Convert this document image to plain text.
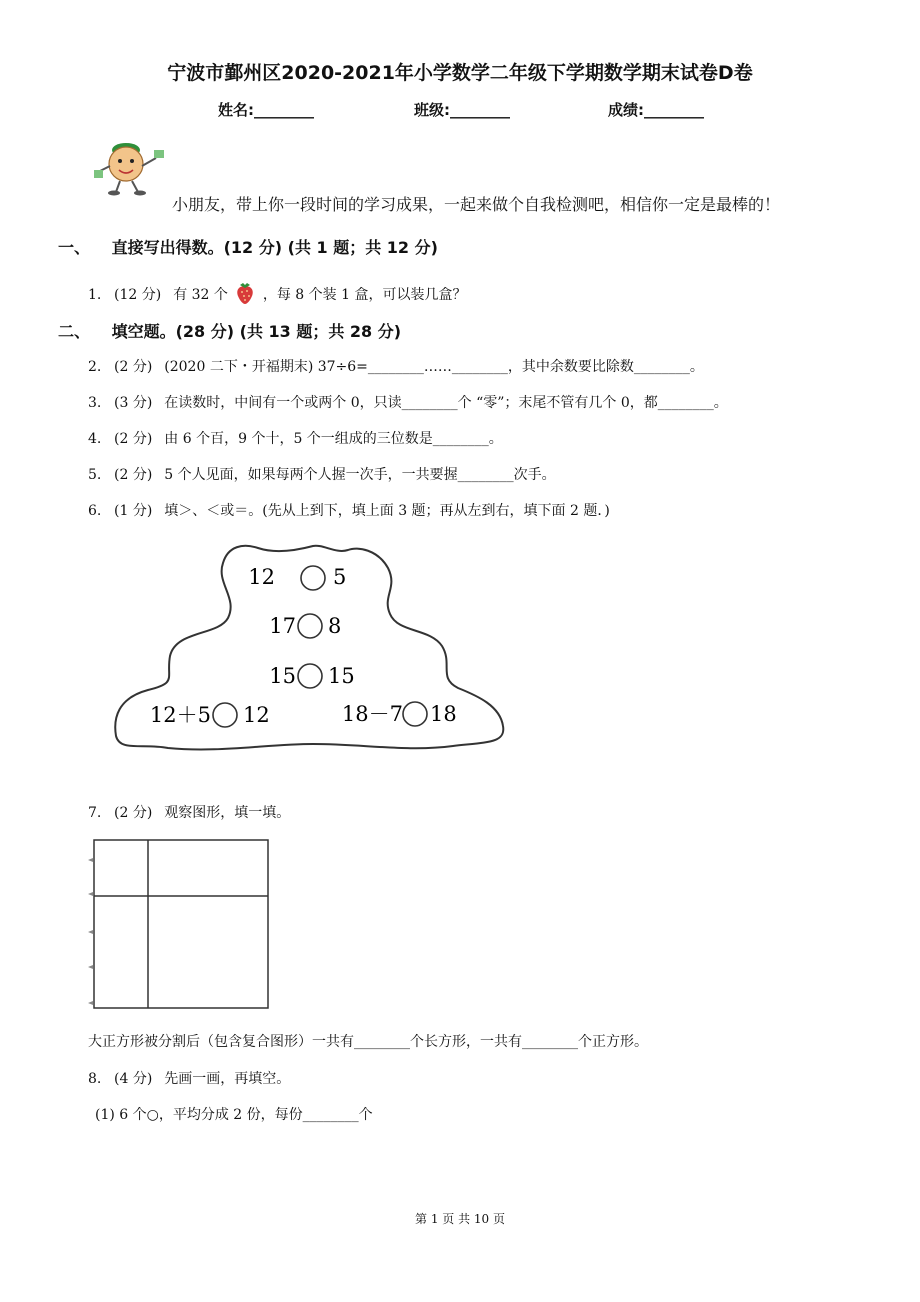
宁波市鄞州区2020-2021年小学数学二年级下学期数学期末试卷D卷
姓名:________	班级:________	成绩:________
小朋友，带上你一段时间的学习成果，一起来做个自我检测吧，相信你一定是最棒的！
一、 直接写出得数。(12 分) (共 1 题；共 12 分)
1. (12 分) 有 32 个 ，每 8 个装 1 盒，可以装几盒？
二、 填空题。(28 分) (共 13 题；共 28 分)
2. (2 分) (2020 二下・开福期末) 37÷6=________……________，其中余数要比除数________。
3. (3 分) 在读数时，中间有一个或两个 0，只读________个 “零”；末尾不管有几个 0，都________。
4. (2 分) 由 6 个百，9 个十，5 个一组成的三位数是________。
5. (2 分) 5 个人见面，如果每两个人握一次手，一共要握________次手。
6. (1 分) 填＞、＜或＝。(先从上到下，填上面 3 题；再从左到右，填下面 2 题．)
12	5
17 8
15 15
12＋5 12	18－7 18
7. (2 分) 观察图形，填一填。
大正方形被分割后（包含复合图形）一共有________个长方形，一共有________个正方形。
8. (4 分) 先画一画，再填空。
(1) 6 个○，平均分成 2 份，每份________个
第 1 页 共 10 页
